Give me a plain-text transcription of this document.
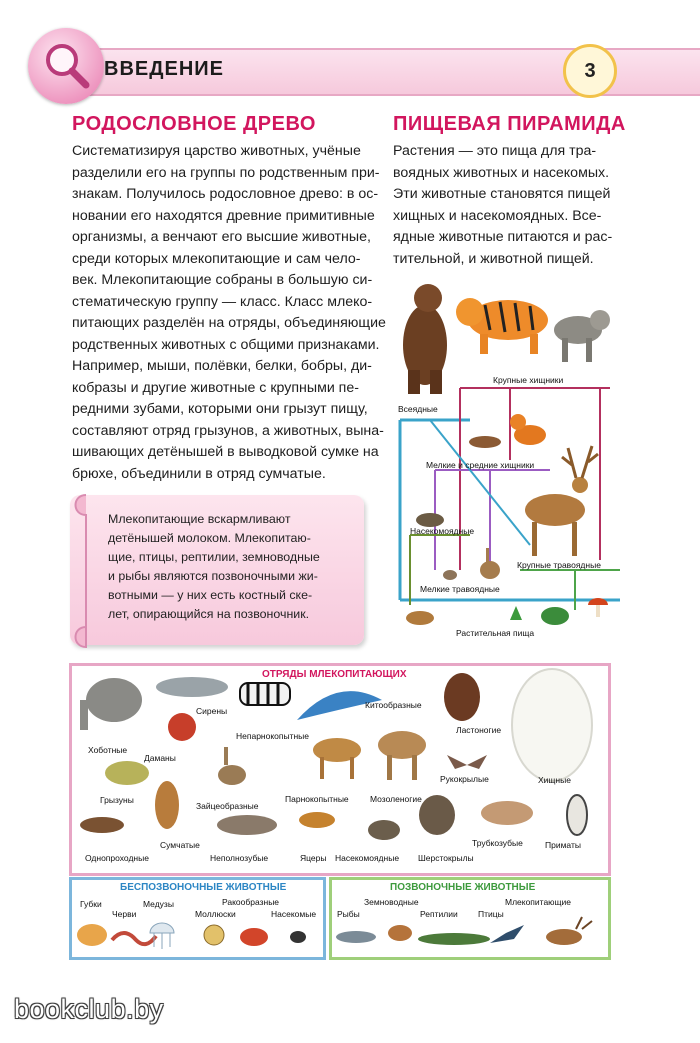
ВВЕДЕНИЕ	3
РОДОСЛОВНОЕ ДРЕВО
Систематизируя царство животных, учёные
разделили его на группы по родственным при-
знакам. Получилось родословное древо: в ос-
новании его находятся древние примитивные
организмы, а венчают его высшие животные,
среди которых млекопитающие и сам чело-
век. Млекопитающие собраны в большую си-
стематическую группу — класс. Класс млеко-
питающих разделён на отряды, объединяющие
родственных животных с общими признаками.
Например, мыши, полёвки, белки, бобры, ди-
кобразы и другие животные с крупными пе-
редними зубами, которыми они грызут пищу,
составляют отряд грызунов, а животных, вына-
шивающих детёнышей в выводковой сумке на
брюхе, объединили в отряд сумчатые.
Млекопитающие вскармливают
детёнышей молоком. Млекопитаю-
щие, птицы, рептилии, земноводные
и рыбы являются позвоночными жи-
вотными — у них есть костный ске-
лет, опирающийся на позвоночник.
ПИЩЕВАЯ ПИРАМИДА
Растения — это пища для тра-
воядных животных и насекомых.
Эти животные становятся пищей
хищных и насекомоядных. Все-
ядные животные питаются и рас-
тительной, и животной пищей.
Крупные хищники
Всеядные
Мелкие и средние хищники
Насекомоядные
Крупные травоядные
Мелкие травоядные
Растительная пища
ОТРЯДЫ МЛЕКОПИТАЮЩИХ
Сирены
Китообразные
Хоботные
Даманы
Непарнокопытные
Ластоногие
Грызуны
Зайцеобразные
Рукокрылые	Хищные
Парнокопытные	Мозоленогие
Сумчатые
Однопроходные	Неполнозубые	Яцеры Насекомоядные Шерстокрылы
Трубкозубые	Приматы
БЕСПОЗВОНОЧНЫЕ ЖИВОТНЫЕ
Губки
Черви
Медузы
Моллюски
Ракообразные
Насекомые
ПОЗВОНОЧНЫЕ ЖИВОТНЫЕ
Рыбы
Земноводные
Рептилии Птицы
Млекопитающие
bookclub.by
